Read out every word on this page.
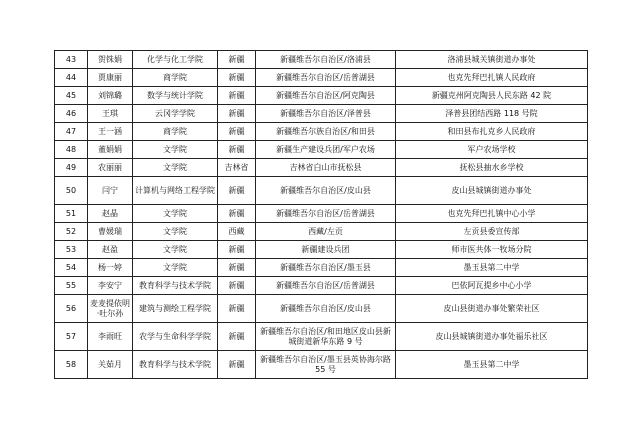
43	贺铢娟	化学与化工学院	新疆	新疆维吾尔自治区/洛浦县	洛浦县城关镇街道办事处
44	贾康丽	商学院	新疆	新疆维吾尔自治区/岳普湖县	也克先拜巴扎镇人民政府
45	刘锦璐	数学与统计学院	新疆	新疆维吾尔自治区/阿克陶县	新疆克州阿克陶县人民东路 42 院
46	王琪	云冈学学院	新疆	新疆维吾尔自治区/泽普县	泽普县团结西路 118 号院
47	王一涵	商学院	新疆	新疆维吾尔族自治区/和田县	和田县布扎克乡人民政府
48	董娟娟	文学院	新疆	新疆生产建设兵团/军户农场	军户农场学校
49	农丽丽	文学院	吉林省	吉林省白山市抚松县	抚松县抽水乡学校
50	闫宁	计算机与网络工程学院	新疆	新疆维吾尔自治区/皮山县	皮山县城镇街道办事处
51	赵晶	文学院	新疆	新疆维吾尔自治区/岳普湖县	也克先拜巴扎镇中心小学
52	曹媛瑞	文学院	西藏	西藏/左贡	左贡县委宣传部
53	赵盈	文学院	新疆	新疆建设兵团	师市医共体一牧场分院
54	杨一婷	文学院	新疆	新疆维吾尔自治区/墨玉县	墨玉县第二中学
55	李安宁	教育科学与技术学院	新疆	新疆维吾尔自治区/岳普湖县	巴依阿瓦提乡中心小学
56	麦麦提依明·吐尔孙	建筑与测绘工程学院	新疆	新疆维吾尔自治区/皮山县	皮山县街道办事处繁荣社区
57	李雨旺	农学与生命科学学院	新疆	新疆维吾尔自治区/和田地区皮山县新城街道新华东路 9 号	皮山县城镇街道办事处福乐社区
58	关茹月	教育科学与技术学院	新疆	新疆维吾尔自治区/墨玉县英协海尔路 55 号	墨玉县第二中学
